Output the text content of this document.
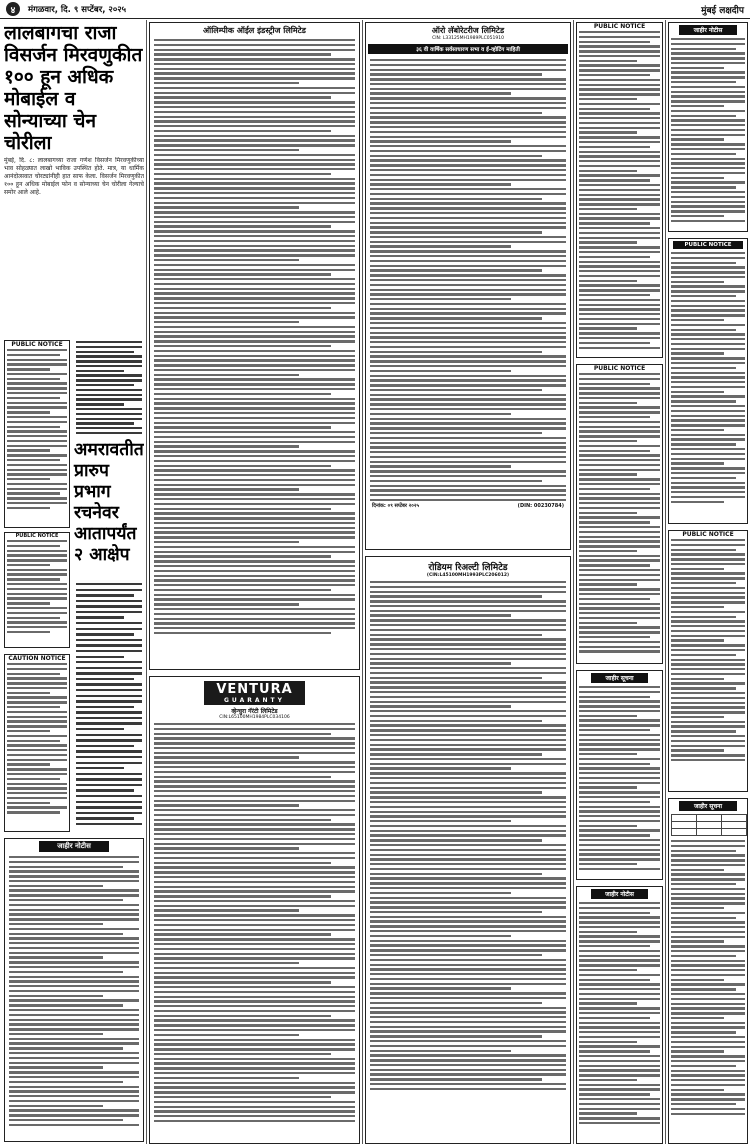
४	मंगळवार, दि. ९ सप्टेंबर, २०२५	मुंबई लक्षदीप
लालबागचा राजा विसर्जन मिरवणुकीत १०० हून अधिक मोबाईल व सोन्याच्या चेन चोरीला
मुंबई, दि. ८: लालबागच्या राजा गणेश विसर्जन मिरवणुकीच्या भाव सोहळ्यात लाखो भाविक उपस्थित होते. मात्र, या धार्मिक आनंदोत्सवात चोरट्यांनीही हात साफ केला. विसर्जन मिरवणुकीत १०० हून अधिक मोबाईल फोन व सोन्याच्या चेन चोरीला गेल्याचे समोर आले आहे.
PUBLIC NOTICE
PUBLIC NOTICE
अमरावतीत प्रारुप प्रभाग रचनेवर आतापर्यंत २ आक्षेप
CAUTION NOTICE
जाहीर नोटीस
ऑलिम्पीक ऑईल इंडस्ट्रीज लिमिटेड
VENTURA
GUARANTY
व्हेन्चुरा गॅरंटी लिमिटेड
CIN:L65100MH1984PLC034106
ऑरो लॅबोरेटरीज लिमिटेड
CIN: L33125MH1989PLC051910
३६ वी वार्षिक सर्वसाधारण सभा व ई-व्होटिंग माहिती
दिनांक: ०९ सप्टेंबर २०२५	(DIN: 00230784)
रोडियम रिअल्टी लिमिटेड
(CIN:L45100MH1993PLC206012)
PUBLIC NOTICE
PUBLIC NOTICE
जाहीर सूचना
जाहीर नोटीस
जाहीर नोटीस
PUBLIC NOTICE
PUBLIC NOTICE
जाहीर सूचना
